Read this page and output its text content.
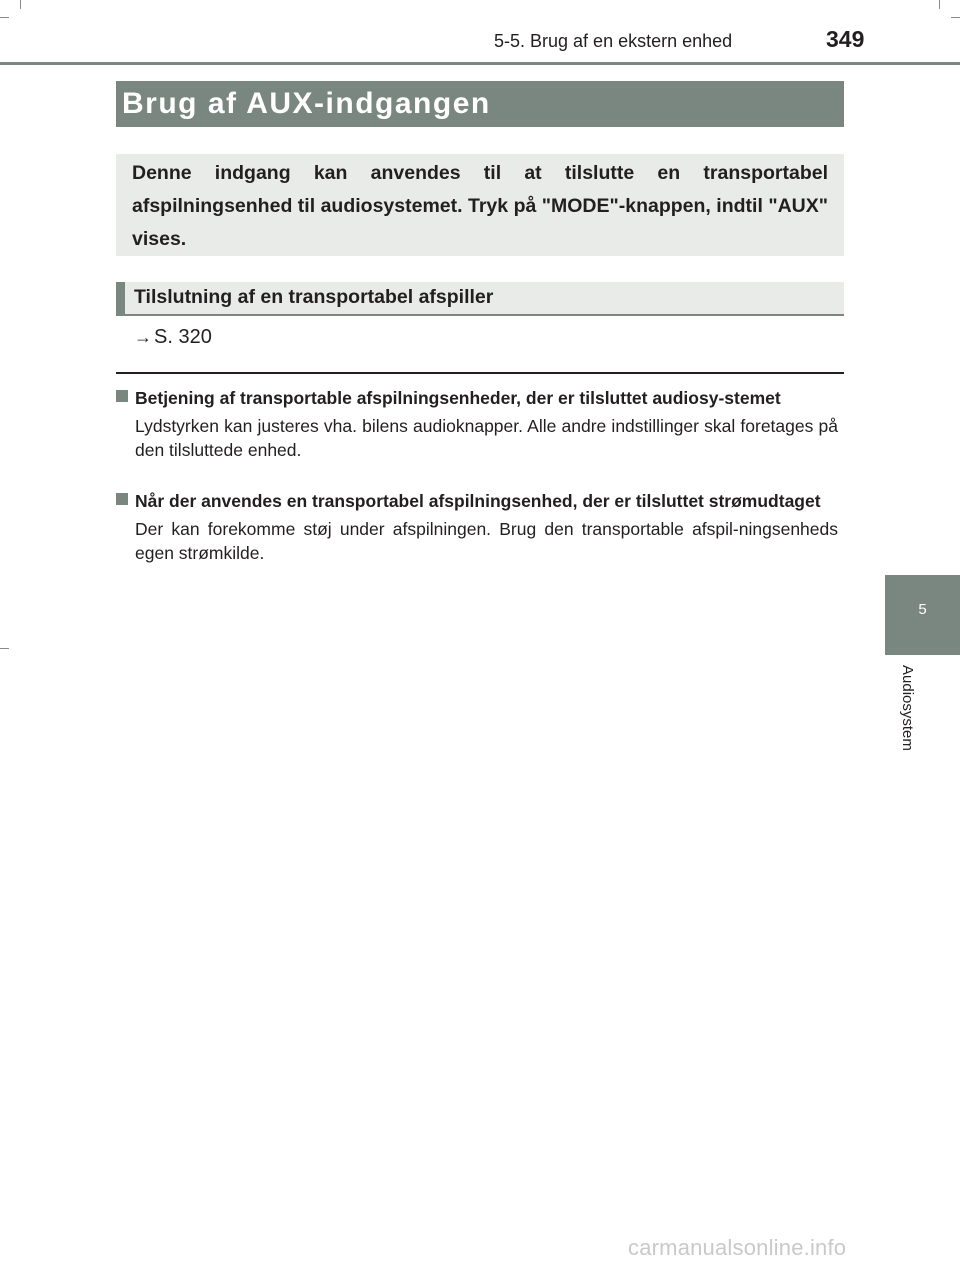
5-5. Brug af en ekstern enhed	349
Brug af AUX-indgangen

Denne indgang kan anvendes til at tilslutte en transportabel afspilningsenhed til audiosystemet. Tryk på "MODE"-knappen, indtil "AUX" vises.

Tilslutning af en transportabel afspiller
→ S. 320

Betjening af transportable afspilningsenheder, der er tilsluttet audiosy-stemet

Lydstyrken kan justeres vha. bilens audioknapper. Alle andre indstillinger skal foretages på den tilsluttede enhed.

Når der anvendes en transportabel afspilningsenhed, der er tilsluttet strømudtaget

Der kan forekomme støj under afspilningen. Brug den transportable afspil-ningsenheds egen strømkilde.

5
Audiosystem
carmanualsonline.info
